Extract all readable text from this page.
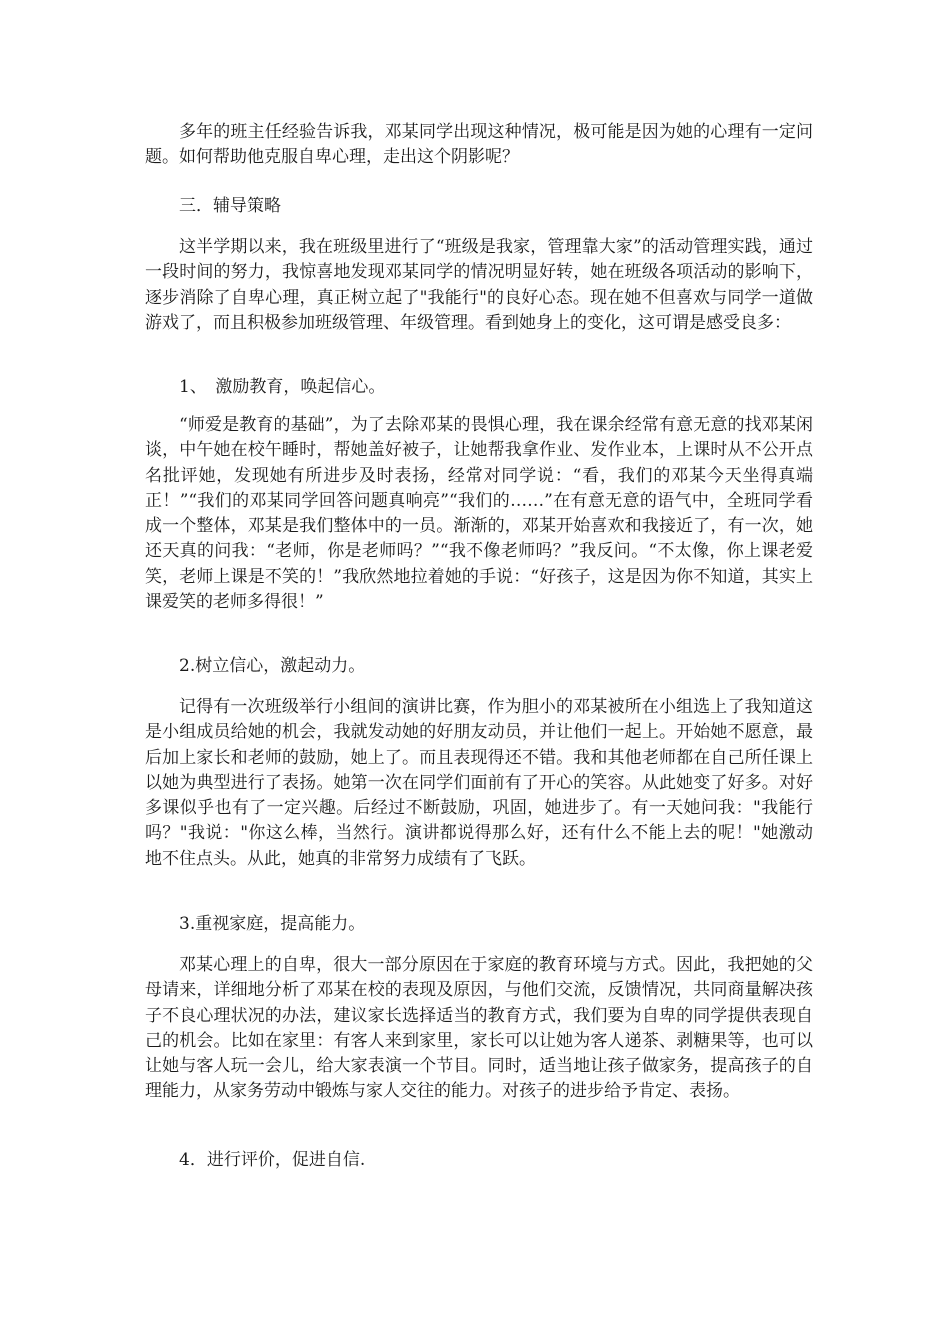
多年的班主任经验告诉我，邓某同学出现这种情况，极可能是因为她的心理有一定问题。如何帮助他克服自卑心理，走出这个阴影呢？

三．辅导策略

这半学期以来，我在班级里进行了“班级是我家，管理靠大家”的活动管理实践，通过一段时间的努力，我惊喜地发现邓某同学的情况明显好转，她在班级各项活动的影响下，逐步消除了自卑心理，真正树立起了"我能行"的良好心态。现在她不但喜欢与同学一道做游戏了，而且积极参加班级管理、年级管理。看到她身上的变化，这可谓是感受良多：

1、　激励教育，唤起信心。

“师爱是教育的基础”，为了去除邓某的畏惧心理，我在课余经常有意无意的找邓某闲谈，中午她在校午睡时，帮她盖好被子，让她帮我拿作业、发作业本，上课时从不公开点名批评她，发现她有所进步及时表扬，经常对同学说：“看，我们的邓某今天坐得真端正！”“我们的邓某同学回答问题真响亮”“我们的……”在有意无意的语气中，全班同学看成一个整体，邓某是我们整体中的一员。渐渐的，邓某开始喜欢和我接近了，有一次，她还天真的问我：“老师，你是老师吗？”“我不像老师吗？”我反问。“不太像，你上课老爱笑，老师上课是不笑的！”我欣然地拉着她的手说：“好孩子，这是因为你不知道，其实上课爱笑的老师多得很！”

2.树立信心，激起动力。

记得有一次班级举行小组间的演讲比赛，作为胆小的邓某被所在小组选上了我知道这是小组成员给她的机会，我就发动她的好朋友动员，并让他们一起上。开始她不愿意，最后加上家长和老师的鼓励，她上了。而且表现得还不错。我和其他老师都在自己所任课上以她为典型进行了表扬。她第一次在同学们面前有了开心的笑容。从此她变了好多。对好多课似乎也有了一定兴趣。后经过不断鼓励，巩固，她进步了。有一天她问我："我能行吗？"我说："你这么棒，当然行。演讲都说得那么好，还有什么不能上去的呢！"她激动地不住点头。从此，她真的非常努力成绩有了飞跃。

3.重视家庭，提高能力。

邓某心理上的自卑，很大一部分原因在于家庭的教育环境与方式。因此，我把她的父母请来，详细地分析了邓某在校的表现及原因，与他们交流，反馈情况，共同商量解决孩子不良心理状况的办法，建议家长选择适当的教育方式，我们要为自卑的同学提供表现自己的机会。比如在家里：有客人来到家里，家长可以让她为客人递茶、剥糖果等，也可以让她与客人玩一会儿，给大家表演一个节目。同时，适当地让孩子做家务，提高孩子的自理能力，从家务劳动中锻炼与家人交往的能力。对孩子的进步给予肯定、表扬。

4．进行评价，促进自信.
